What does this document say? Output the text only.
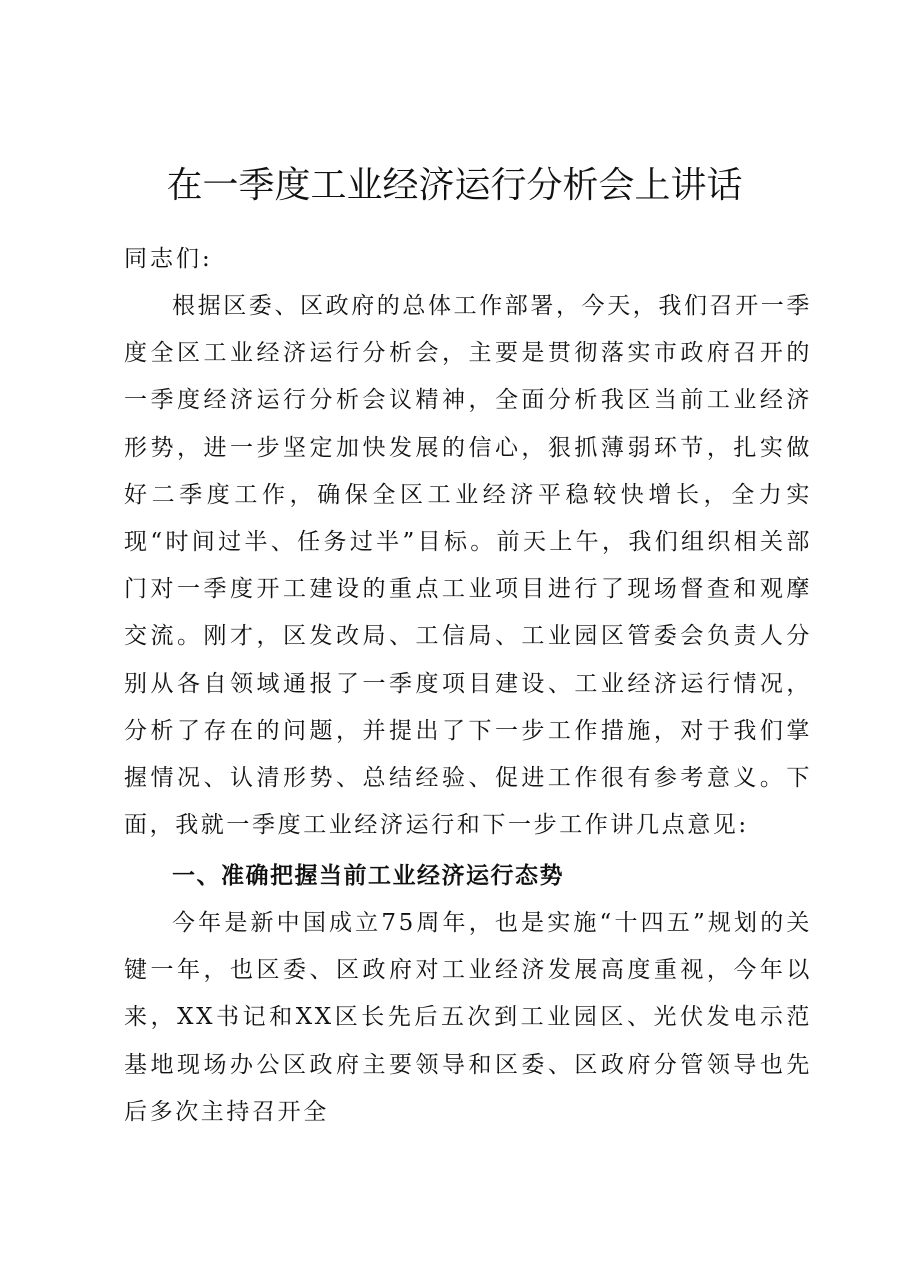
在一季度工业经济运行分析会上讲话
同志们:

根据区委、区政府的总体工作部署，今天，我们召开一季度全区工业经济运行分析会，主要是贯彻落实市政府召开的一季度经济运行分析会议精神，全面分析我区当前工业经济形势，进一步坚定加快发展的信心，狠抓薄弱环节，扎实做好二季度工作，确保全区工业经济平稳较快增长，全力实现“时间过半、任务过半”目标。前天上午，我们组织相关部门对一季度开工建设的重点工业项目进行了现场督查和观摩交流。刚才，区发改局、工信局、工业园区管委会负责人分别从各自领域通报了一季度项目建设、工业经济运行情况，分析了存在的问题，并提出了下一步工作措施，对于我们掌握情况、认清形势、总结经验、促进工作很有参考意义。下面，我就一季度工业经济运行和下一步工作讲几点意见:

一、准确把握当前工业经济运行态势

今年是新中国成立75周年，也是实施“十四五”规划的关键一年，也区委、区政府对工业经济发展高度重视，今年以来，XX书记和XX区长先后五次到工业园区、光伏发电示范基地现场办公区政府主要领导和区委、区政府分管领导也先后多次主持召开全
